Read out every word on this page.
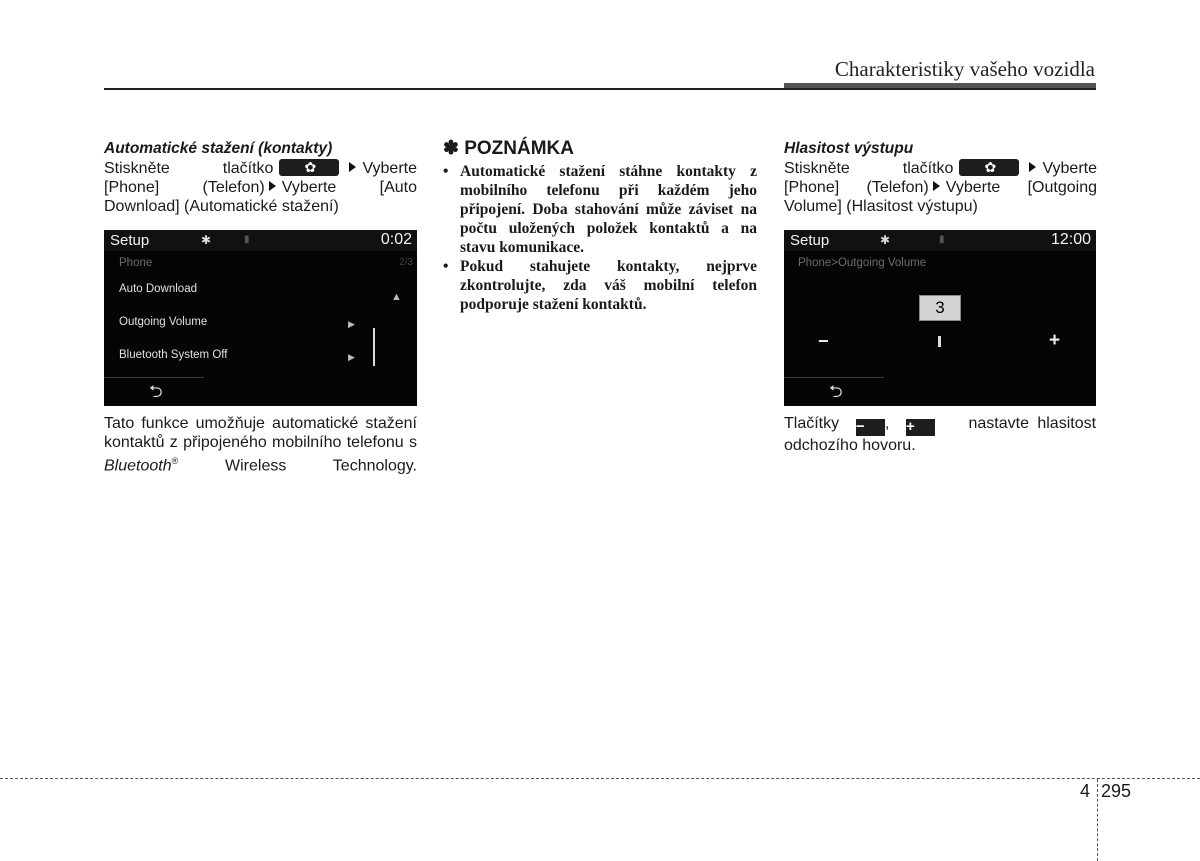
Charakteristiky vašeho vozidla
Automatické stažení (kontakty)

Stiskněte tlačítko ✿	Vyberte

[Phone] (Telefon) Vyberte [Auto

Download] (Automatické stažení)

Setup	✱	▮	0:02
Phone	2/3
Auto Download
▲
Outgoing Volume	▶
Bluetooth System Off	▶
⮌

Tato funkce umožňuje automatické stažení kontaktů z připojeného mobilního telefonu s Bluetooth®	Wireless Technology.

✽ POZNÁMKA
• Automatické stažení stáhne kontakty z mobilního telefonu při každém jeho připojení. Doba stahování může záviset na počtu uložených položek kontaktů a na stavu komunikace.
• Pokud stahujete kontakty, nejprve zkontrolujte, zda váš mobilní telefon podporuje stažení kontaktů.
Hlasitost výstupu

Stiskněte tlačítko ✿	Vyberte

[Phone] (Telefon) Vyberte [Outgoing

Volume] (Hlasitost výstupu)

Setup	✱	▮	12:00
Phone>Outgoing Volume
3
−	+
⮌

Tlačítky − , +	nastavte hlasitost odchozího hovoru.

4 295
